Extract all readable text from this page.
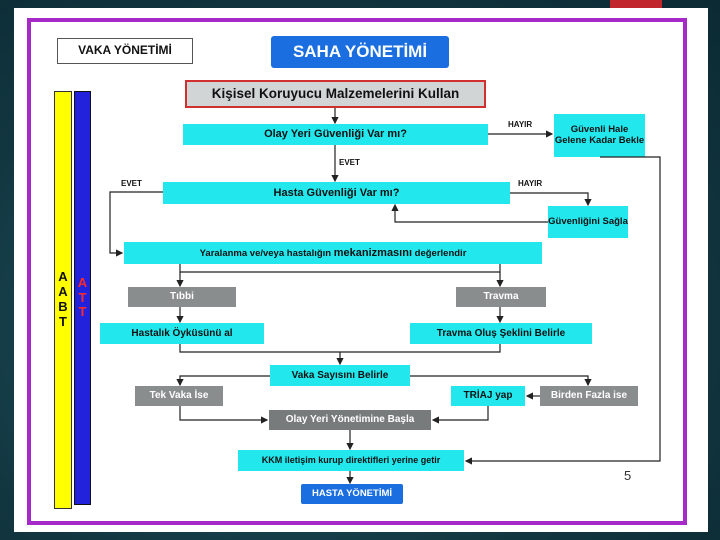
VAKA YÖNETİMİ	SAHA YÖNETİMİ
A
A
B
T
A
T
T
Kişisel Koruyucu Malzemelerini Kullan
Olay Yeri Güvenliği Var mı?	Güvenli Hale Gelene Kadar Bekle
Hasta Güvenliği Var mı?
Güvenliğini Sağla
Yaralanma ve/veya hastalığın mekanizmasını değerlendir
Tıbbi	Travma
Hastalık Öyküsünü al	Travma Oluş Şeklini Belirle
Vaka Sayısını Belirle
Tek Vaka İse	TRİAJ yap	Birden Fazla ise
Olay Yeri Yönetimine Başla
KKM iletişim kurup direktifleri yerine getir
HASTA YÖNETİMİ
HAYIR
EVET
EVET	HAYIR
5
